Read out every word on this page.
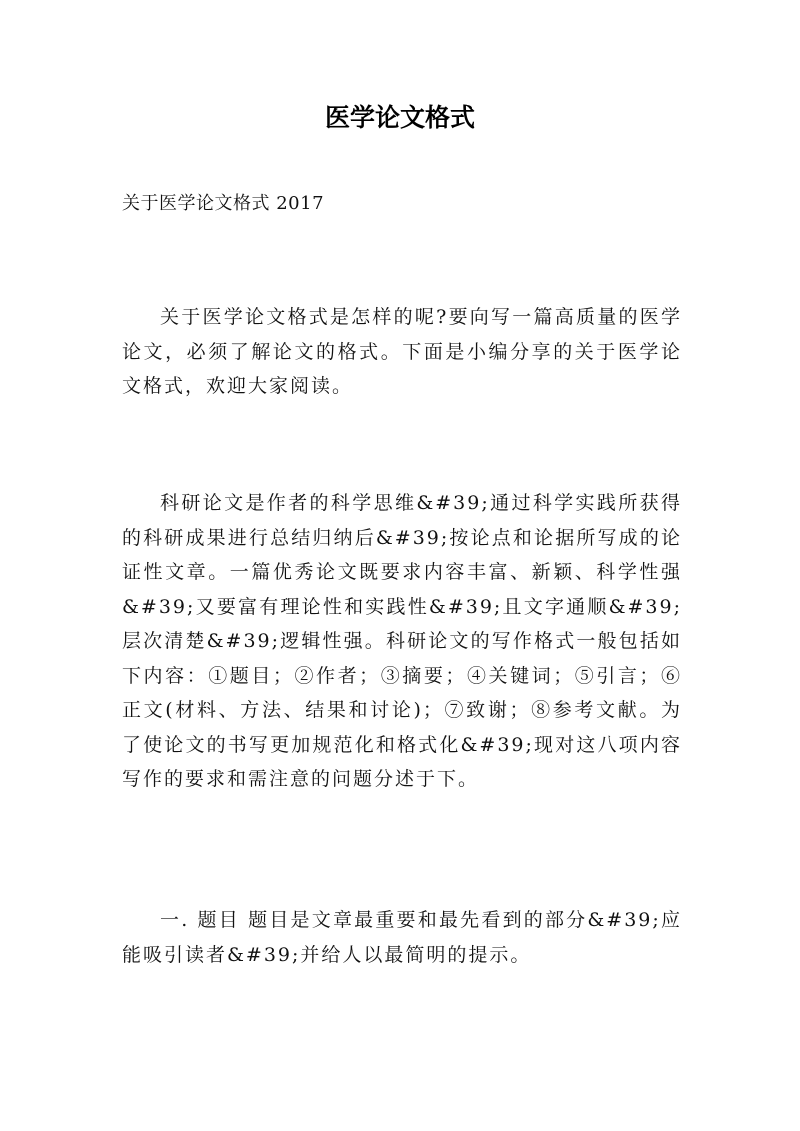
医学论文格式

关于医学论文格式 2017

关于医学论文格式是怎样的呢?要向写一篇高质量的医学论文，必须了解论文的格式。下面是小编分享的关于医学论文格式，欢迎大家阅读。

科研论文是作者的科学思维&#39;通过科学实践所获得的科研成果进行总结归纳后&#39;按论点和论据所写成的论证性文章。一篇优秀论文既要求内容丰富、新颖、科学性强&#39;又要富有理论性和实践性&#39;且文字通顺&#39;层次清楚&#39;逻辑性强。科研论文的写作格式一般包括如下内容：①题目；②作者；③摘要；④关键词；⑤引言；⑥正文(材料、方法、结果和讨论)；⑦致谢；⑧参考文献。为了使论文的书写更加规范化和格式化&#39;现对这八项内容写作的要求和需注意的问题分述于下。

一. 题目 题目是文章最重要和最先看到的部分&#39;应能吸引读者&#39;并给人以最简明的提示。
